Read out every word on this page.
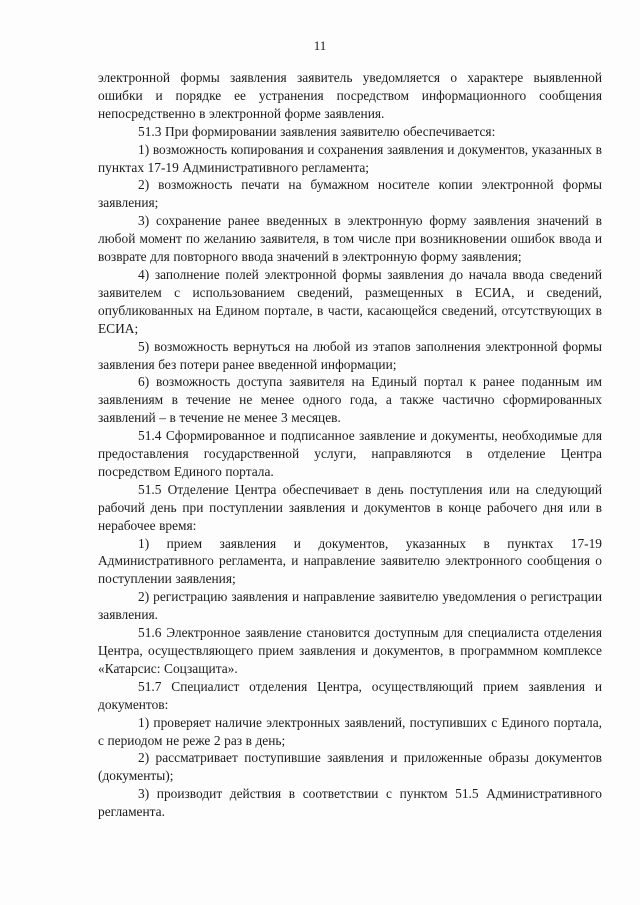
11

электронной формы заявления заявитель уведомляется о характере выявленной ошибки и порядке ее устранения посредством информационного сообщения непосредственно в электронной форме заявления.

51.3 При формировании заявления заявителю обеспечивается:

1) возможность копирования и сохранения заявления и документов, указанных в пунктах 17-19 Административного регламента;

2) возможность печати на бумажном носителе копии электронной формы заявления;

3) сохранение ранее введенных в электронную форму заявления значений в любой момент по желанию заявителя, в том числе при возникновении ошибок ввода и возврате для повторного ввода значений в электронную форму заявления;

4) заполнение полей электронной формы заявления до начала ввода сведений заявителем с использованием сведений, размещенных в ЕСИА, и сведений, опубликованных на Едином портале, в части, касающейся сведений, отсутствующих в ЕСИА;

5) возможность вернуться на любой из этапов заполнения электронной формы заявления без потери ранее введенной информации;

6) возможность доступа заявителя на Единый портал к ранее поданным им заявлениям в течение не менее одного года, а также частично сформированных заявлений – в течение не менее 3 месяцев.

51.4 Сформированное и подписанное заявление и документы, необходимые для предоставления государственной услуги, направляются в отделение Центра посредством Единого портала.

51.5 Отделение Центра обеспечивает в день поступления или на следующий рабочий день при поступлении заявления и документов в конце рабочего дня или в нерабочее время:

1) прием заявления и документов, указанных в пунктах 17-19 Административного регламента, и направление заявителю электронного сообщения о поступлении заявления;

2) регистрацию заявления и направление заявителю уведомления о регистрации заявления.

51.6 Электронное заявление становится доступным для специалиста отделения Центра, осуществляющего прием заявления и документов, в программном комплексе «Катарсис: Соцзащита».

51.7 Специалист отделения Центра, осуществляющий прием заявления и документов:

1) проверяет наличие электронных заявлений, поступивших с Единого портала, с периодом не реже 2 раз в день;

2) рассматривает поступившие заявления и приложенные образы документов (документы);

3) производит действия в соответствии с пунктом 51.5 Административного регламента.
